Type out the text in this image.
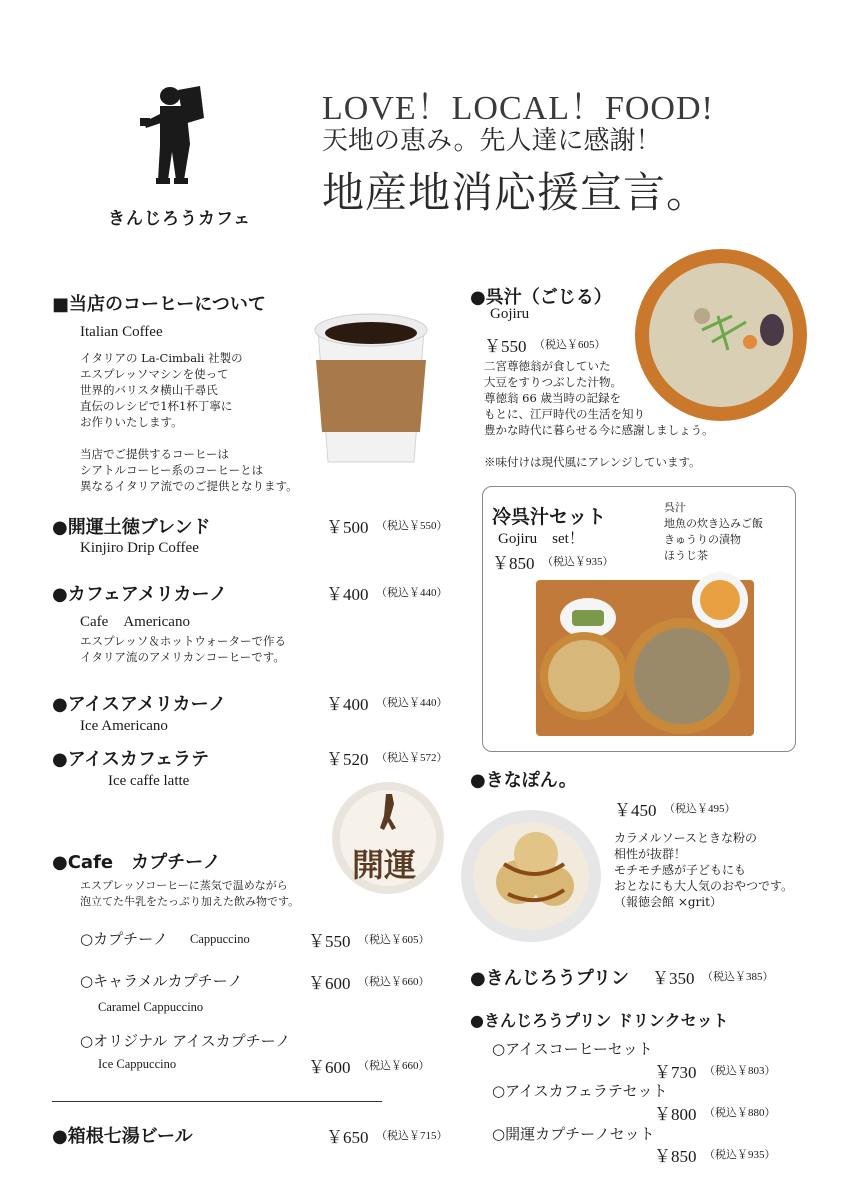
きんじろうカフェ
LOVE！LOCAL！FOOD!
天地の恵み。先人達に感謝！
地産地消応援宣言。
■当店のコーヒーについて
Italian Coffee
イタリアの La-Cimbali 社製の
エスプレッソマシンを使って
世界的バリスタ横山千尋氏
直伝のレシピで1杯1杯丁寧に
お作りいたします。
当店でご提供するコーヒーは
シアトルコーヒー系のコーヒーとは
異なるイタリア流でのご提供となります。
●開運土徳ブレンド	￥500 （税込￥550）
Kinjiro Drip Coffee
●カフェアメリカーノ	￥400 （税込￥440）
Cafe　Americano
エスプレッソ＆ホットウォーターで作る
イタリア流のアメリカンコーヒーです。
●アイスアメリカーノ	￥400 （税込￥440）
Ice Americano
●アイスカフェラテ	￥520 （税込￥572）
Ice caffe latte
開運
●Cafe　カプチーノ
エスプレッソコーヒーに蒸気で温めながら
泡立てた牛乳をたっぷり加えた飲み物です。
○カプチーノ Cappuccino	￥550 （税込￥605）
○キャラメルカプチーノ	￥600 （税込￥660）
Caramel Cappuccino
○オリジナル アイスカプチーノ
Ice Cappuccino	￥600 （税込￥660）
●箱根七湯ビール	￥650 （税込￥715）
●呉汁（ごじる）
Gojiru
￥550 （税込￥605）
二宮尊徳翁が食していた
大豆をすりつぶした汁物。
尊徳翁 66 歳当時の記録を
もとに、江戸時代の生活を知り
豊かな時代に暮らせる今に感謝しましょう。
※味付けは現代風にアレンジしています。
冷呉汁セット
Gojiru　set！
￥850 （税込￥935）
呉汁
地魚の炊き込みご飯
きゅうりの漬物
ほうじ茶
●きなぽん。
￥450 （税込￥495）
カラメルソースときな粉の
相性が抜群！
モチモチ感が子どもにも
おとなにも大人気のおやつです。
（報徳会館 ×grit）
●きんじろうプリン ￥350 （税込￥385）
●きんじろうプリン ドリンクセット
○アイスコーヒーセット
￥730 （税込￥803）
○アイスカフェラテセット
￥800 （税込￥880）
○開運カプチーノセット
￥850 （税込￥935）
